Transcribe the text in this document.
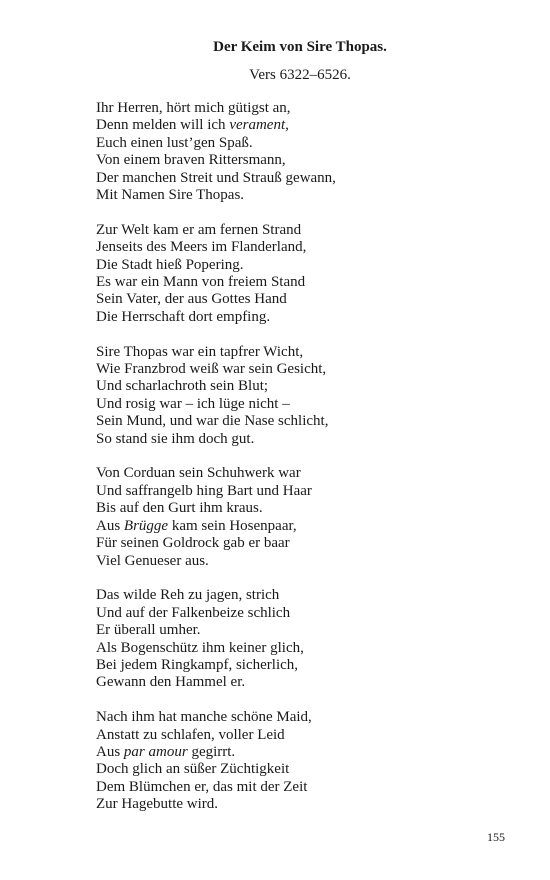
Der Keim von Sire Thopas.
Vers 6322–6526.
Ihr Herren, hört mich gütigst an,
Denn melden will ich verament,
Euch einen lust’gen Spaß.
Von einem braven Rittersmann,
Der manchen Streit und Strauß gewann,
Mit Namen Sire Thopas.
Zur Welt kam er am fernen Strand
Jenseits des Meers im Flanderland,
Die Stadt hieß Popering.
Es war ein Mann von freiem Stand
Sein Vater, der aus Gottes Hand
Die Herrschaft dort empfing.
Sire Thopas war ein tapfrer Wicht,
Wie Franzbrod weiß war sein Gesicht,
Und scharlachroth sein Blut;
Und rosig war – ich lüge nicht –
Sein Mund, und war die Nase schlicht,
So stand sie ihm doch gut.
Von Corduan sein Schuhwerk war
Und saffrangelb hing Bart und Haar
Bis auf den Gurt ihm kraus.
Aus Brügge kam sein Hosenpaar,
Für seinen Goldrock gab er baar
Viel Genueser aus.
Das wilde Reh zu jagen, strich
Und auf der Falkenbeize schlich
Er überall umher.
Als Bogenschütz ihm keiner glich,
Bei jedem Ringkampf, sicherlich,
Gewann den Hammel er.
Nach ihm hat manche schöne Maid,
Anstatt zu schlafen, voller Leid
Aus par amour gegirrt.
Doch glich an süßer Züchtigkeit
Dem Blümchen er, das mit der Zeit
Zur Hagebutte wird.
155
